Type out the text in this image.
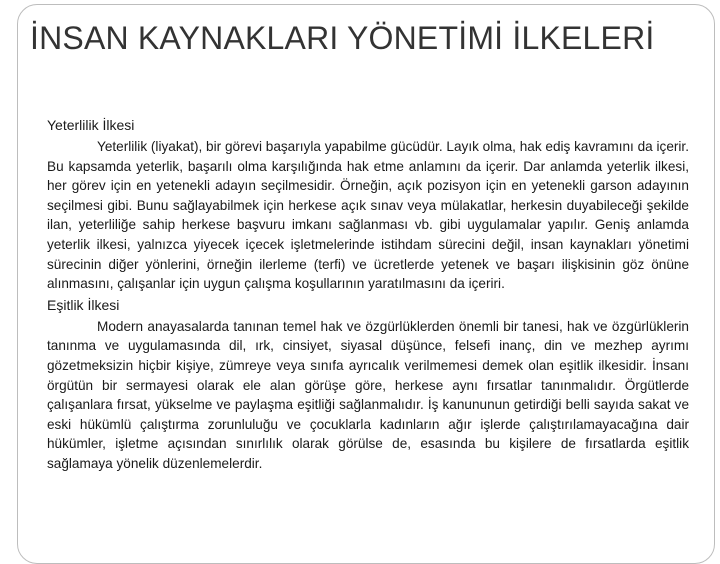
İNSAN KAYNAKLARI YÖNETİMİ İLKELERİ
Yeterlilik İlkesi

Yeterlilik (liyakat), bir görevi başarıyla yapabilme gücüdür. Layık olma, hak ediş kavramını da içerir. Bu kapsamda yeterlik, başarılı olma karşılığında hak etme anlamını da içerir. Dar anlamda yeterlik ilkesi, her görev için en yetenekli adayın seçilmesidir. Örneğin, açık pozisyon için en yetenekli garson adayının seçilmesi gibi. Bunu sağlayabilmek için herkese açık sınav veya mülakatlar, herkesin duyabileceği şekilde ilan, yeterliliğe sahip herkese başvuru imkanı sağlanması vb. gibi uygulamalar yapılır. Geniş anlamda yeterlik ilkesi, yalnızca yiyecek içecek işletmelerinde istihdam sürecini değil, insan kaynakları yönetimi sürecinin diğer yönlerini, örneğin ilerleme (terfi) ve ücretlerde yetenek ve başarı ilişkisinin göz önüne alınmasını, çalışanlar için uygun çalışma koşullarının yaratılmasını da içeriri.

Eşitlik İlkesi

Modern anayasalarda tanınan temel hak ve özgürlüklerden önemli bir tanesi, hak ve özgürlüklerin tanınma ve uygulamasında dil, ırk, cinsiyet, siyasal düşünce, felsefi inanç, din ve mezhep ayrımı gözetmeksizin hiçbir kişiye, zümreye veya sınıfa ayrıcalık verilmemesi demek olan eşitlik ilkesidir. İnsanı örgütün bir sermayesi olarak ele alan görüşe göre, herkese aynı fırsatlar tanınmalıdır. Örgütlerde çalışanlara fırsat, yükselme ve paylaşma eşitliği sağlanmalıdır. İş kanununun getirdiği belli sayıda sakat ve eski hükümlü çalıştırma zorunluluğu ve çocuklarla kadınların ağır işlerde çalıştırılamayacağına dair hükümler, işletme açısından sınırlılık olarak görülse de, esasında bu kişilere de fırsatlarda eşitlik sağlamaya yönelik düzenlemelerdir.
